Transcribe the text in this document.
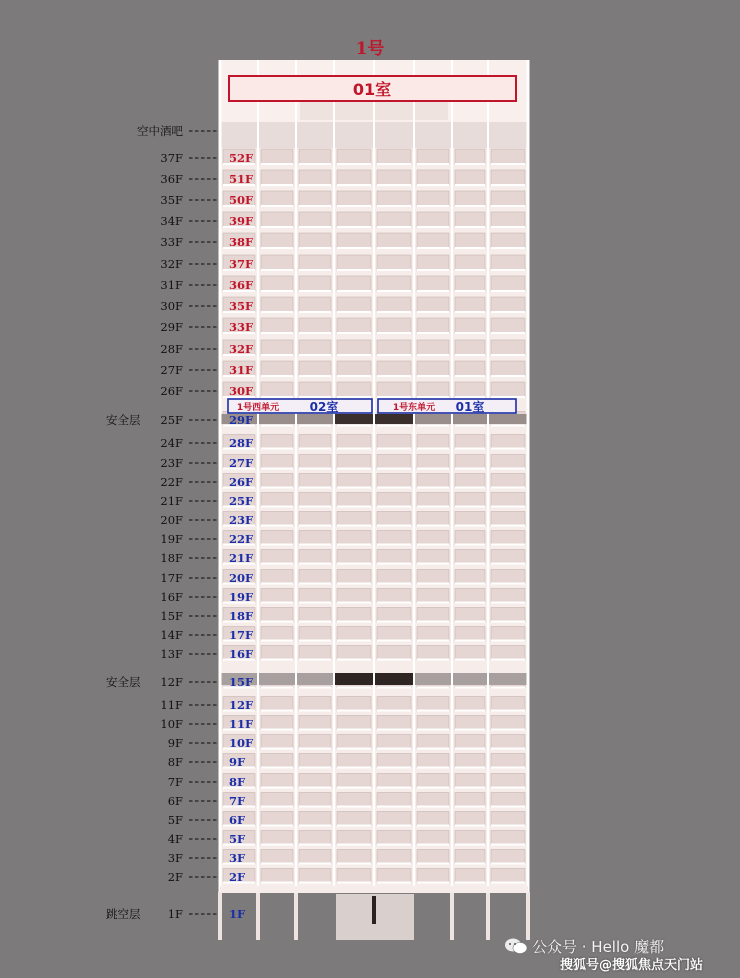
空中酒吧
37F	52F
36F	51F
35F	50F
34F	39F
33F	38F
32F	37F
31F	36F
30F	35F
29F	33F
28F	32F
27F	31F
26F	30F
安全层 25F	29F
24F	28F
23F	27F
22F	26F
21F	25F
20F	23F
19F	22F
18F	21F
17F	20F
16F	19F
15F	18F
14F	17F
13F	16F
安全层 12F	15F
11F	12F
10F	11F
9F	10F
8F	9F
7F	8F
6F	7F
5F	6F
4F	5F
3F	3F
2F	2F
跳空层 1F	1F
01室
1号西单元	02室	1号东单元 01室
1号
公众号 · Hello 魔都
搜狐号@搜狐焦点天门站
